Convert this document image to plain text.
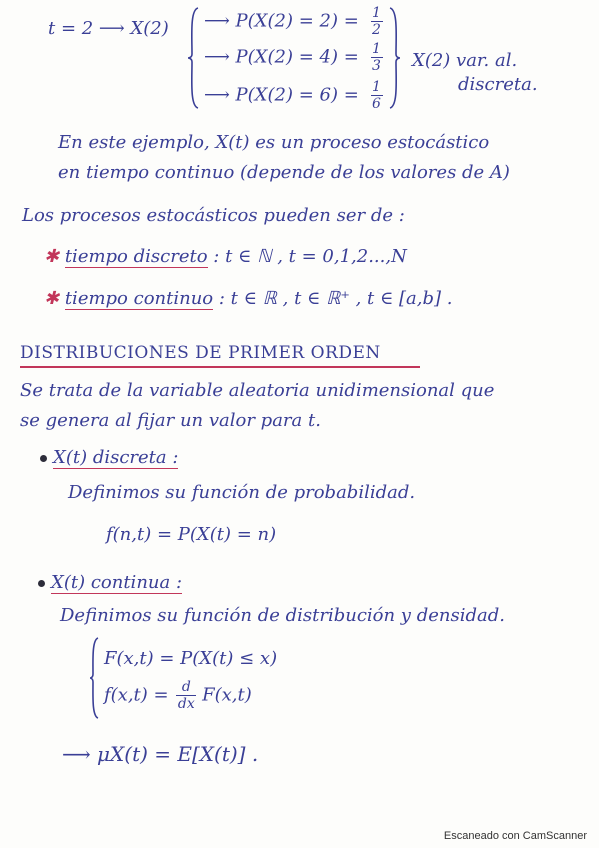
t = 2 ⟶ X(2) ⟶ $P(X(2) = 2) = \frac{1}{2}$
⟶ $P(X(2) = 4) = \frac{1}{3}$
⟶ $P(X(2) = 6) = \frac{1}{6}$
X(2) var. al.
discreta.
En este ejemplo, X(t) es un proceso estocástico
en tiempo continuo (depende de los valores de A)
Los procesos estocásticos pueden ser de :
✱ tiempo discreto : t ∈ ℕ , t = 0,1,2...,N
✱ tiempo continuo : t ∈ ℝ , t ∈ ℝ⁺ , t ∈ [a,b] .
DISTRIBUCIONES DE PRIMER ORDEN
Se trata de la variable aleatoria unidimensional que
se genera al fijar un valor para t.
X(t) discreta :
Definimos su función de probabilidad.
f(n,t) = P(X(t) = n)
X(t) continua :
Definimos su función de distribución y densidad.
F(x,t) = P(X(t) ≤ x)
$f(x,t) = \frac{d}{dx} F(x,t)$
⟶ μX(t) = E[X(t)] .
Escaneado con CamScanner
